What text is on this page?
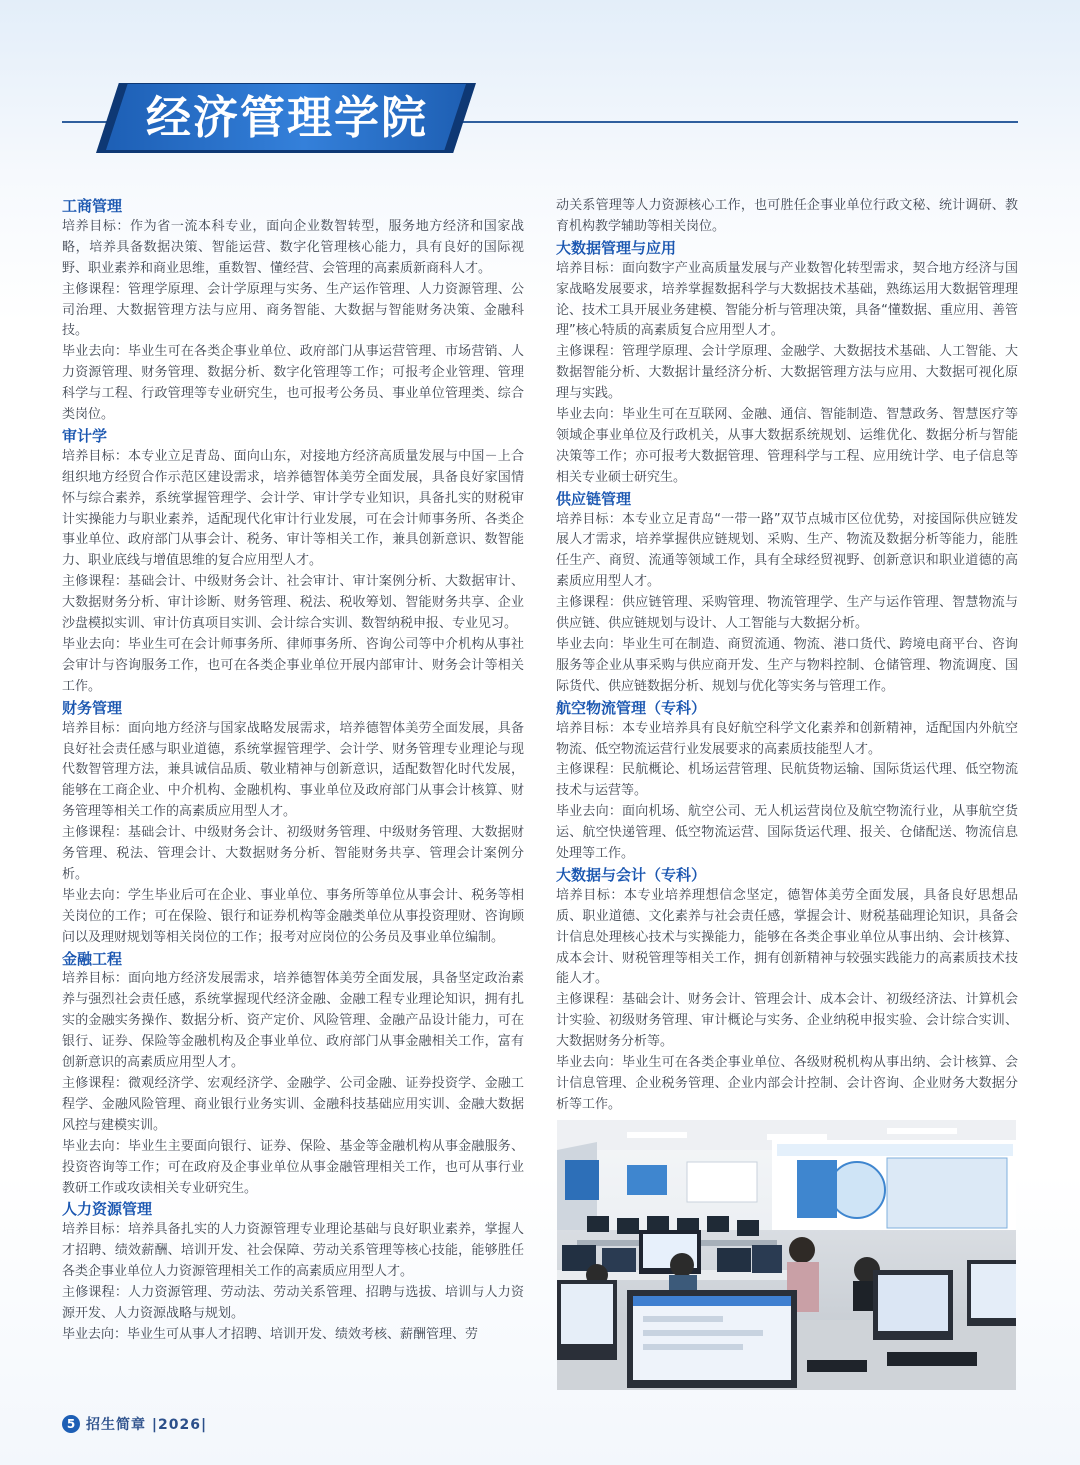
经济管理学院
工商管理
培养目标：作为省一流本科专业，面向企业数智转型，服务地方经济和国家战略，培养具备数据决策、智能运营、数字化管理核心能力，具有良好的国际视野、职业素养和商业思维，重数智、懂经营、会管理的高素质新商科人才。
主修课程：管理学原理、会计学原理与实务、生产运作管理、人力资源管理、公司治理、大数据管理方法与应用、商务智能、大数据与智能财务决策、金融科技。
毕业去向：毕业生可在各类企事业单位、政府部门从事运营管理、市场营销、人力资源管理、财务管理、数据分析、数字化管理等工作；可报考企业管理、管理科学与工程、行政管理等专业研究生，也可报考公务员、事业单位管理类、综合类岗位。
审计学
培养目标：本专业立足青岛、面向山东，对接地方经济高质量发展与中国－上合组织地方经贸合作示范区建设需求，培养德智体美劳全面发展，具备良好家国情怀与综合素养，系统掌握管理学、会计学、审计学专业知识，具备扎实的财税审计实操能力与职业素养，适配现代化审计行业发展，可在会计师事务所、各类企事业单位、政府部门从事会计、税务、审计等相关工作，兼具创新意识、数智能力、职业底线与增值思维的复合应用型人才。
主修课程：基础会计、中级财务会计、社会审计、审计案例分析、大数据审计、大数据财务分析、审计诊断、财务管理、税法、税收筹划、智能财务共享、企业沙盘模拟实训、审计仿真项目实训、会计综合实训、数智纳税申报、专业见习。
毕业去向：毕业生可在会计师事务所、律师事务所、咨询公司等中介机构从事社会审计与咨询服务工作，也可在各类企事业单位开展内部审计、财务会计等相关工作。
财务管理
培养目标：面向地方经济与国家战略发展需求，培养德智体美劳全面发展，具备良好社会责任感与职业道德，系统掌握管理学、会计学、财务管理专业理论与现代数智管理方法，兼具诚信品质、敬业精神与创新意识，适配数智化时代发展，能够在工商企业、中介机构、金融机构、事业单位及政府部门从事会计核算、财务管理等相关工作的高素质应用型人才。
主修课程：基础会计、中级财务会计、初级财务管理、中级财务管理、大数据财务管理、税法、管理会计、大数据财务分析、智能财务共享、管理会计案例分析。
毕业去向：学生毕业后可在企业、事业单位、事务所等单位从事会计、税务等相关岗位的工作；可在保险、银行和证券机构等金融类单位从事投资理财、咨询顾问以及理财规划等相关岗位的工作；报考对应岗位的公务员及事业单位编制。
金融工程
培养目标：面向地方经济发展需求，培养德智体美劳全面发展，具备坚定政治素养与强烈社会责任感，系统掌握现代经济金融、金融工程专业理论知识，拥有扎实的金融实务操作、数据分析、资产定价、风险管理、金融产品设计能力，可在银行、证券、保险等金融机构及企事业单位、政府部门从事金融相关工作，富有创新意识的高素质应用型人才。
主修课程：微观经济学、宏观经济学、金融学、公司金融、证券投资学、金融工程学、金融风险管理、商业银行业务实训、金融科技基础应用实训、金融大数据风控与建模实训。
毕业去向：毕业生主要面向银行、证券、保险、基金等金融机构从事金融服务、投资咨询等工作；可在政府及企事业单位从事金融管理相关工作，也可从事行业教研工作或攻读相关专业研究生。
人力资源管理
培养目标：培养具备扎实的人力资源管理专业理论基础与良好职业素养，掌握人才招聘、绩效薪酬、培训开发、社会保障、劳动关系管理等核心技能，能够胜任各类企事业单位人力资源管理相关工作的高素质应用型人才。
主修课程：人力资源管理、劳动法、劳动关系管理、招聘与选拔、培训与人力资源开发、人力资源战略与规划。
毕业去向：毕业生可从事人才招聘、培训开发、绩效考核、薪酬管理、劳
动关系管理等人力资源核心工作，也可胜任企事业单位行政文秘、统计调研、教育机构教学辅助等相关岗位。
大数据管理与应用
培养目标：面向数字产业高质量发展与产业数智化转型需求，契合地方经济与国家战略发展要求，培养掌握数据科学与大数据技术基础，熟练运用大数据管理理论、技术工具开展业务建模、智能分析与管理决策，具备“懂数据、重应用、善管理”核心特质的高素质复合应用型人才。
主修课程：管理学原理、会计学原理、金融学、大数据技术基础、人工智能、大数据智能分析、大数据计量经济分析、大数据管理方法与应用、大数据可视化原理与实践。
毕业去向：毕业生可在互联网、金融、通信、智能制造、智慧政务、智慧医疗等领域企事业单位及行政机关，从事大数据系统规划、运维优化、数据分析与智能决策等工作；亦可报考大数据管理、管理科学与工程、应用统计学、电子信息等相关专业硕士研究生。
供应链管理
培养目标：本专业立足青岛“一带一路”双节点城市区位优势，对接国际供应链发展人才需求，培养掌握供应链规划、采购、生产、物流及数据分析等能力，能胜任生产、商贸、流通等领域工作，具有全球经贸视野、创新意识和职业道德的高素质应用型人才。
主修课程：供应链管理、采购管理、物流管理学、生产与运作管理、智慧物流与供应链、供应链规划与设计、人工智能与大数据分析。
毕业去向：毕业生可在制造、商贸流通、物流、港口货代、跨境电商平台、咨询服务等企业从事采购与供应商开发、生产与物料控制、仓储管理、物流调度、国际货代、供应链数据分析、规划与优化等实务与管理工作。
航空物流管理（专科）
培养目标：本专业培养具有良好航空科学文化素养和创新精神，适配国内外航空物流、低空物流运营行业发展要求的高素质技能型人才。
主修课程：民航概论、机场运营管理、民航货物运输、国际货运代理、低空物流技术与运营等。
毕业去向：面向机场、航空公司、无人机运营岗位及航空物流行业，从事航空货运、航空快递管理、低空物流运营、国际货运代理、报关、仓储配送、物流信息处理等工作。
大数据与会计（专科）
培养目标：本专业培养理想信念坚定，德智体美劳全面发展，具备良好思想品质、职业道德、文化素养与社会责任感，掌握会计、财税基础理论知识，具备会计信息处理核心技术与实操能力，能够在各类企事业单位从事出纳、会计核算、成本会计、财税管理等相关工作，拥有创新精神与较强实践能力的高素质技术技能人才。
主修课程：基础会计、财务会计、管理会计、成本会计、初级经济法、计算机会计实验、初级财务管理、审计概论与实务、企业纳税申报实验、会计综合实训、大数据财务分析等。
毕业去向：毕业生可在各类企事业单位、各级财税机构从事出纳、会计核算、会计信息管理、企业税务管理、企业内部会计控制、会计咨询、企业财务大数据分析等工作。
5 招生简章 |2026|
